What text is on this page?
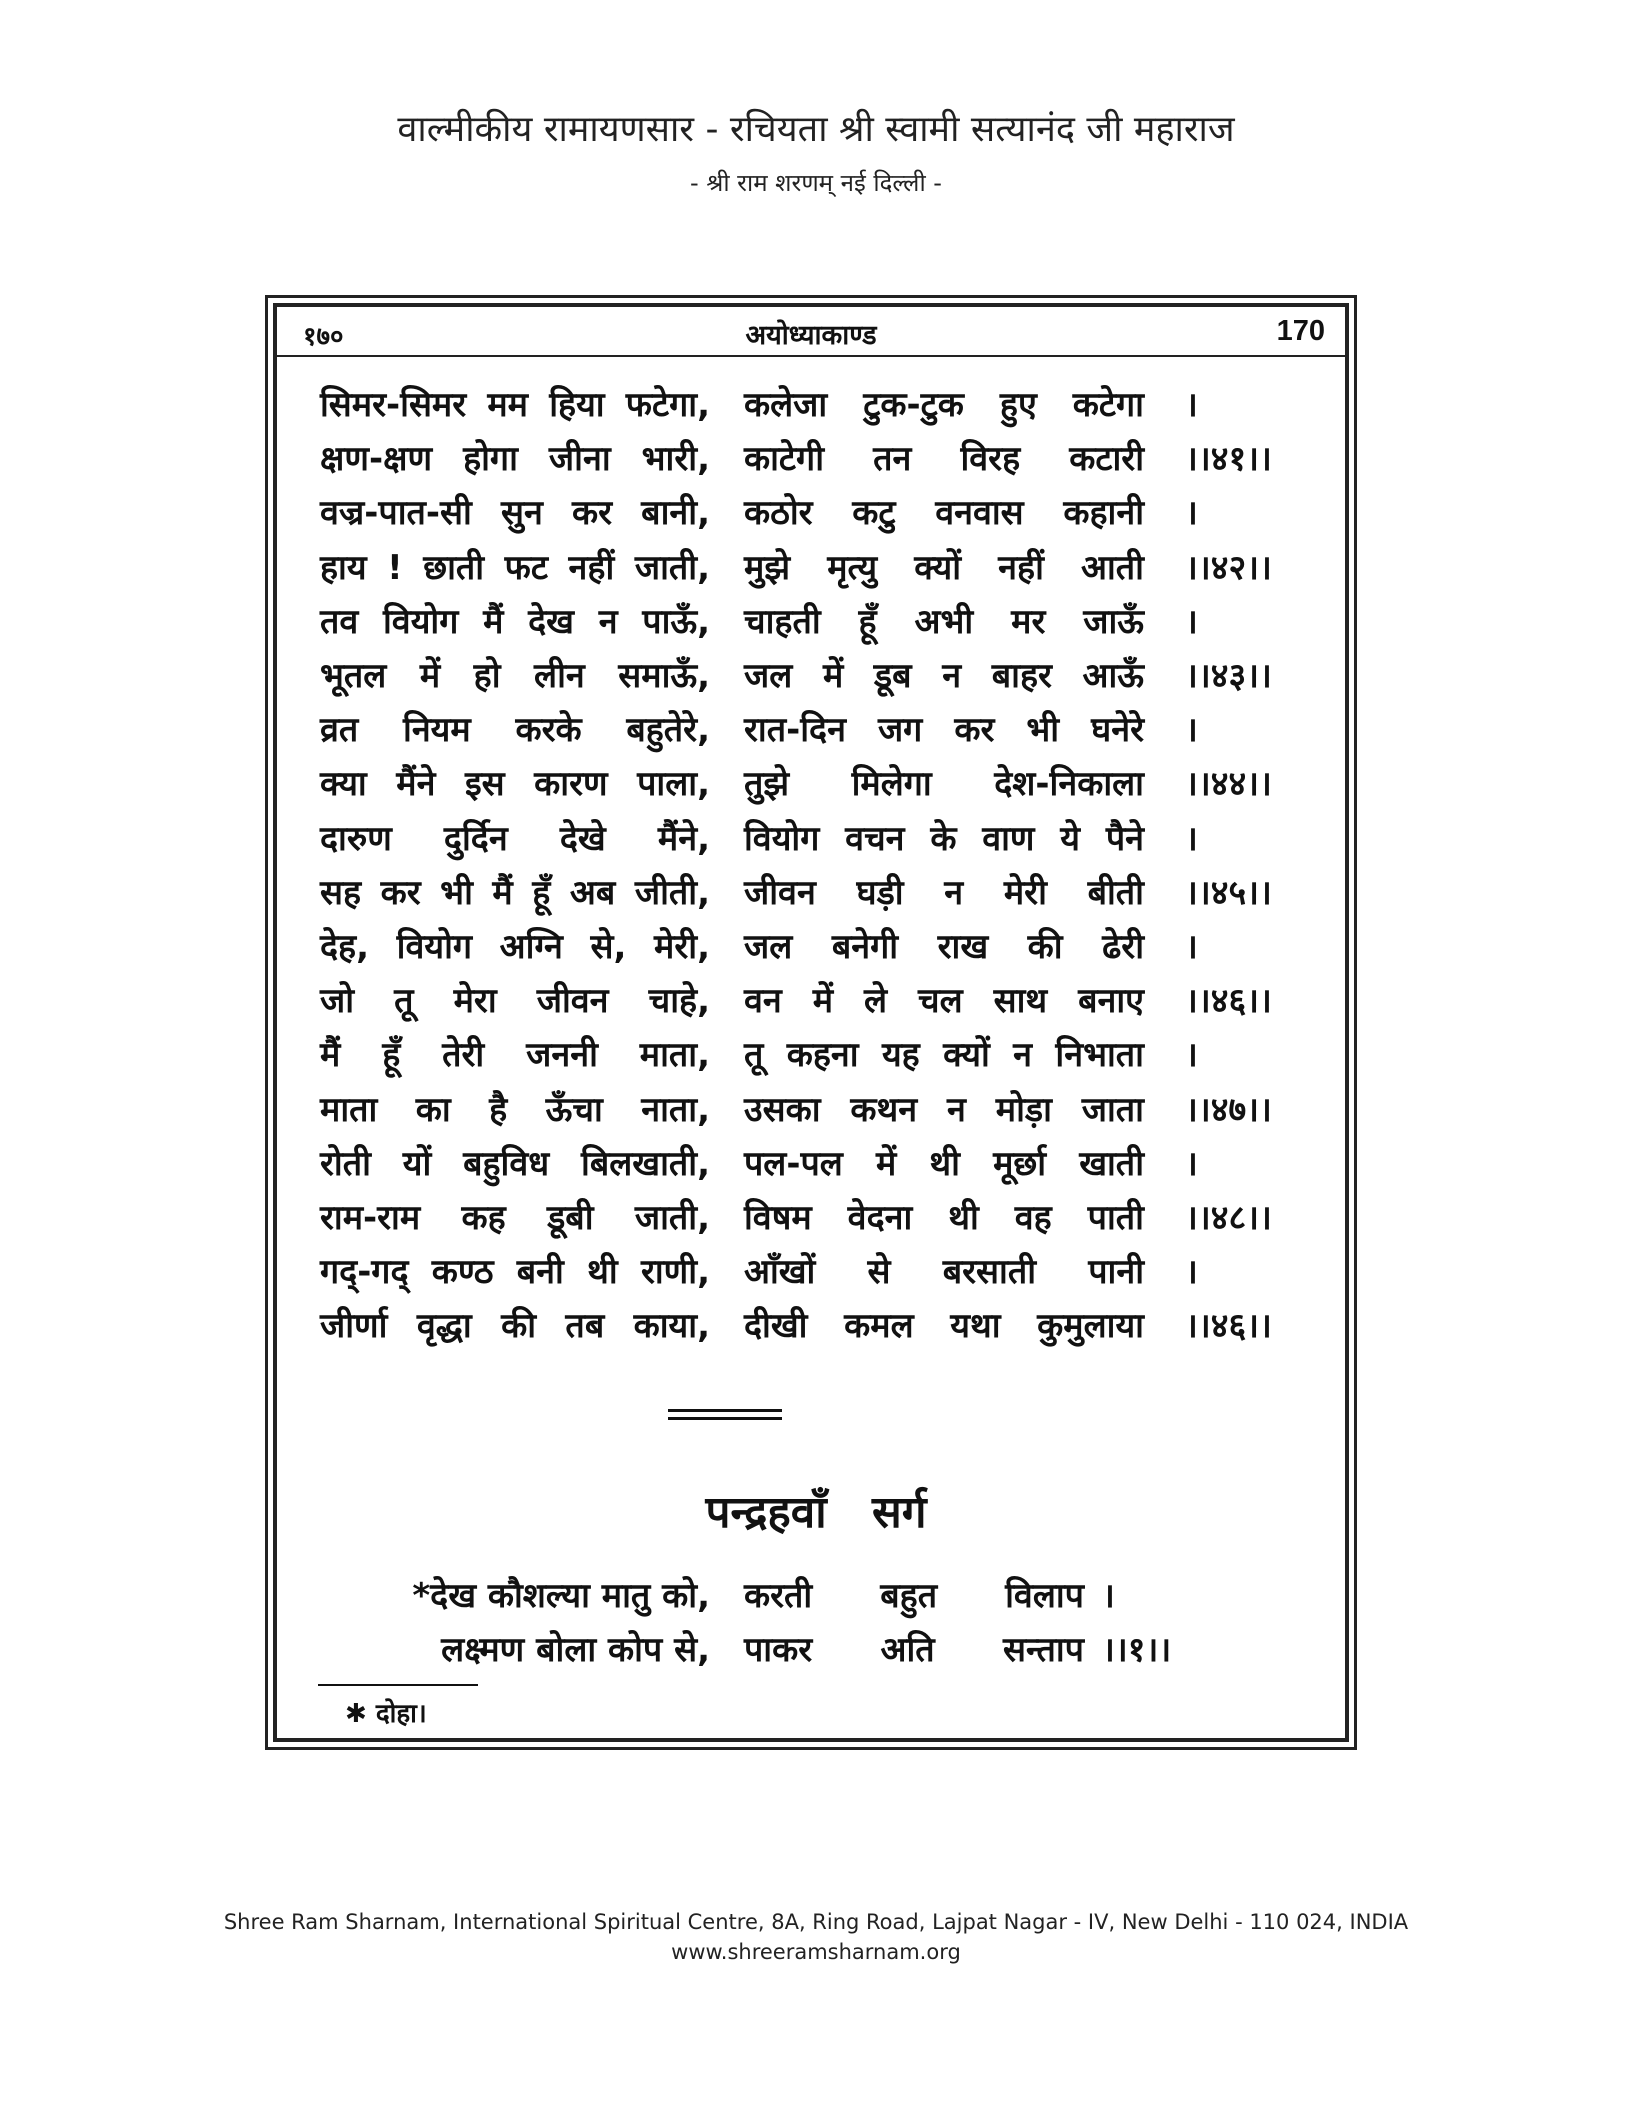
वाल्मीकीय रामायणसार - रचियता श्री स्वामी सत्यानंद जी महाराज
- श्री राम शरणम् नई दिल्ली -
१७०	अयोध्याकाण्ड	170
सिमर-सिमर मम हिया फटेगा, कलेजा टुक-टुक हुए कटेगा ।
क्षण-क्षण होगा जीना भारी, काटेगी तन विरह कटारी ।।४१।।
वज्र-पात-सी सुन कर बानी, कठोर कटु वनवास कहानी ।
हाय ! छाती फट नहीं जाती, मुझे मृत्यु क्यों नहीं आती ।।४२।।
तव वियोग मैं देख न पाऊँ, चाहती हूँ अभी मर जाऊँ ।
भूतल में हो लीन समाऊँ, जल में डूब न बाहर आऊँ ।।४३।।
व्रत नियम करके बहुतेरे, रात-दिन जग कर भी घनेरे ।
क्या मैंने इस कारण पाला, तुझे मिलेगा देश-निकाला ।।४४।।
दारुण दुर्दिन देखे मैंने, वियोग वचन के वाण ये पैने ।
सह कर भी मैं हूँ अब जीती, जीवन घड़ी न मेरी बीती ।।४५।।
देह, वियोग अग्नि से, मेरी, जल बनेगी राख की ढेरी ।
जो तू मेरा जीवन चाहे, वन में ले चल साथ बनाए ।।४६।।
मैं हूँ तेरी जननी माता, तू कहना यह क्यों न निभाता ।
माता का है ऊँचा नाता, उसका कथन न मोड़ा जाता ।।४७।।
रोती यों बहुविध बिलखाती, पल-पल में थी मूर्छा खाती ।
राम-राम कह डूबी जाती, विषम वेदना थी वह पाती ।।४८।।
गद्-गद् कण्ठ बनी थी राणी, आँखों से बरसाती पानी ।
जीर्णा वृद्धा की तब काया, दीखी कमल यथा कुमुलाया ।।४६।।
पन्द्रहवाँ सर्ग
*देख कौशल्या मातु को, करती बहुत विलाप ।
लक्ष्मण बोला कोप से, पाकर अति सन्ताप ।।१।।
✱ दोहा।
Shree Ram Sharnam, International Spiritual Centre, 8A, Ring Road, Lajpat Nagar - IV, New Delhi - 110 024, INDIA
www.shreeramsharnam.org
